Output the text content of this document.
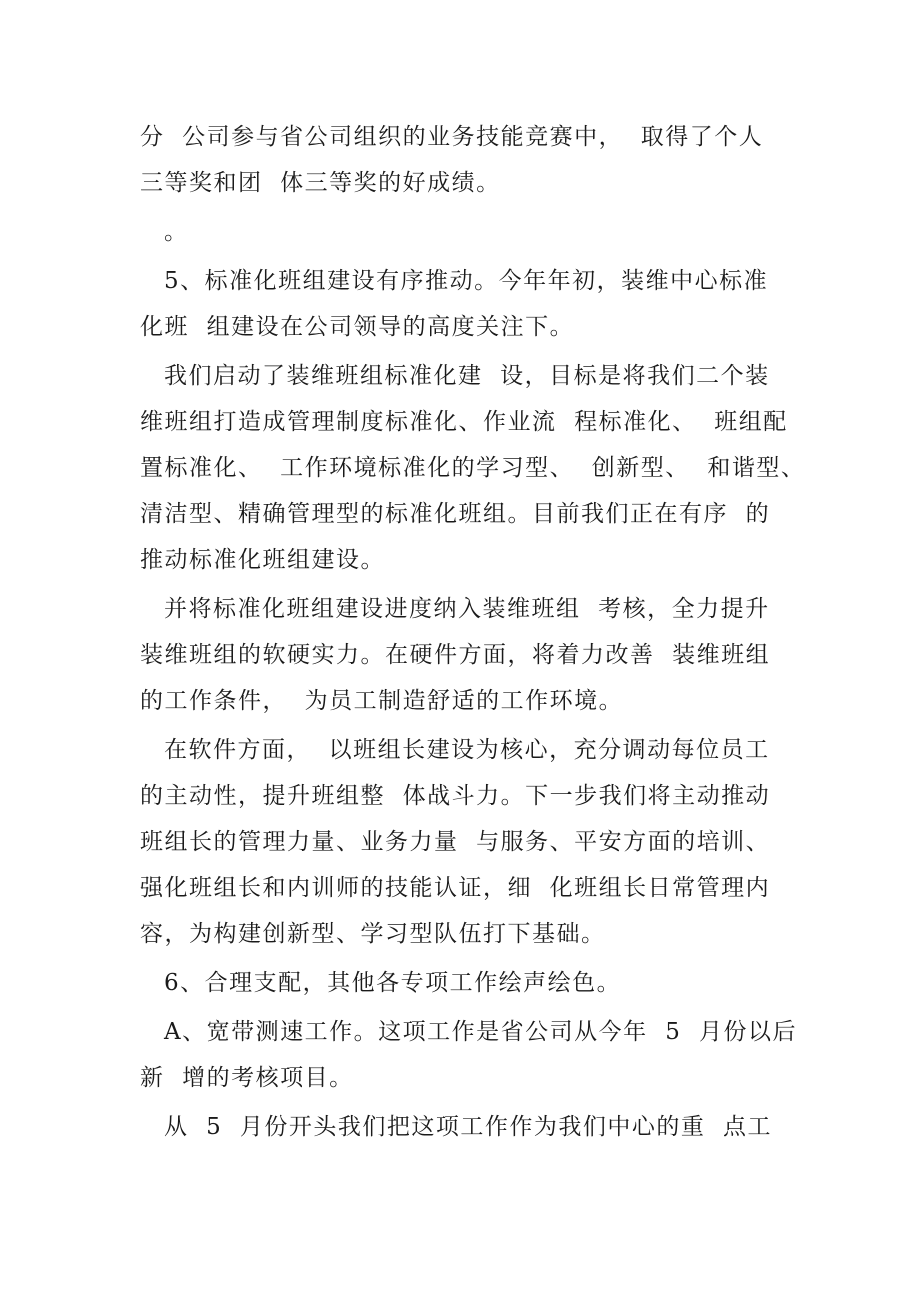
分  公司参与省公司组织的业务技能竞赛中，  取得了个人
三等奖和团  体三等奖的好成绩。
。
5、标准化班组建设有序推动。今年年初，装维中心标准
化班  组建设在公司领导的高度关注下。
我们启动了装维班组标准化建  设，目标是将我们二个装
维班组打造成管理制度标准化、作业流  程标准化、  班组配
置标准化、  工作环境标准化的学习型、  创新型、  和谐型、
清洁型、精确管理型的标准化班组。目前我们正在有序  的
推动标准化班组建设。
并将标准化班组建设进度纳入装维班组  考核，全力提升
装维班组的软硬实力。在硬件方面，将着力改善  装维班组
的工作条件，  为员工制造舒适的工作环境。
在软件方面，  以班组长建设为核心，充分调动每位员工
的主动性，提升班组整  体战斗力。下一步我们将主动推动
班组长的管理力量、业务力量  与服务、平安方面的培训、
强化班组长和内训师的技能认证，细  化班组长日常管理内
容，为构建创新型、学习型队伍打下基础。
6、合理支配，其他各专项工作绘声绘色。
A、宽带测速工作。这项工作是省公司从今年  5  月份以后
新  增的考核项目。
从  5  月份开头我们把这项工作作为我们中心的重  点工
